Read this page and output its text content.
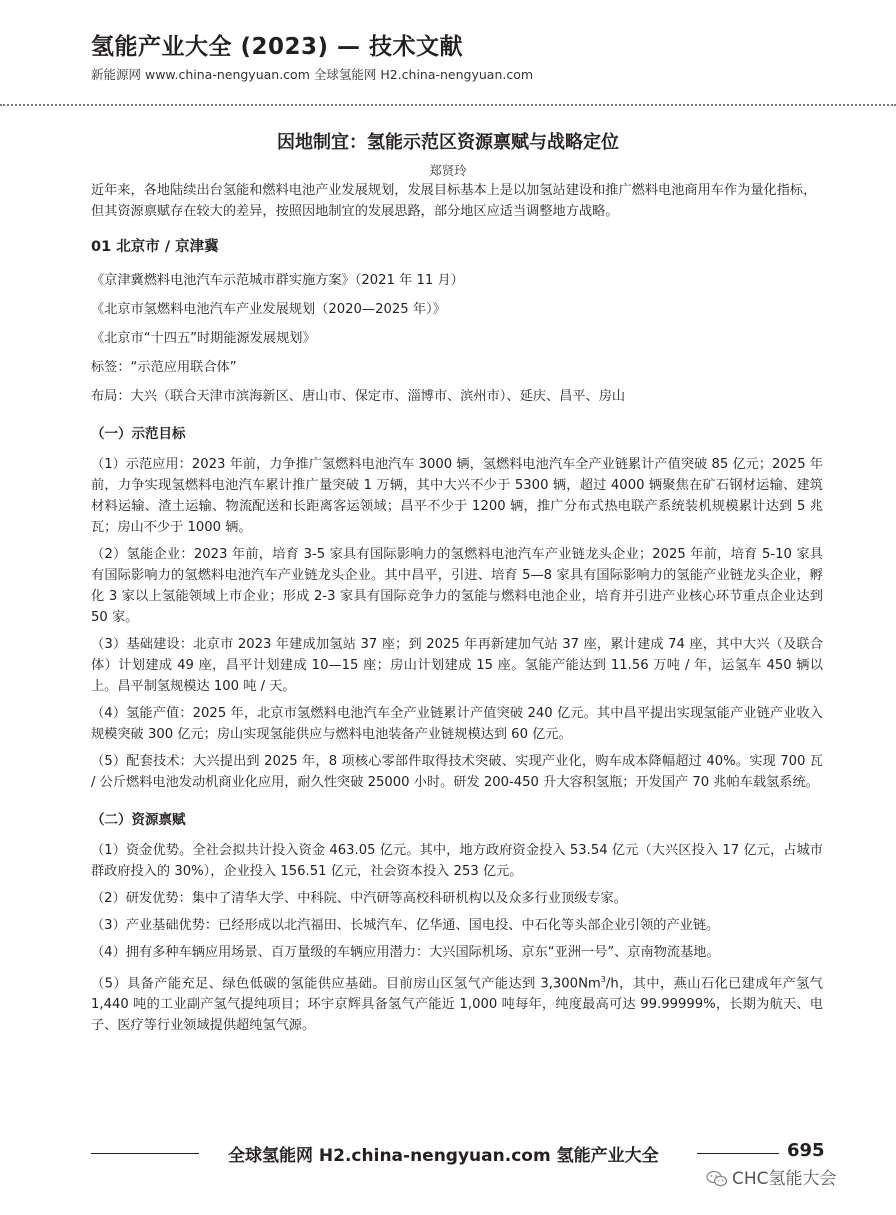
氢能产业大全 (2023) — 技术文献
新能源网 www.china-nengyuan.com 全球氢能网 H2.china-nengyuan.com
因地制宜：氢能示范区资源禀赋与战略定位
郑贤玲

近年来，各地陆续出台氢能和燃料电池产业发展规划，发展目标基本上是以加氢站建设和推广燃料电池商用车作为量化指标，但其资源禀赋存在较大的差异，按照因地制宜的发展思路，部分地区应适当调整地方战略。

01 北京市 / 京津冀

《京津冀燃料电池汽车示范城市群实施方案》（2021 年 11 月）

《北京市氢燃料电池汽车产业发展规划（2020—2025 年）》

《北京市“十四五”时期能源发展规划》

标签：“示范应用联合体”

布局：大兴（联合天津市滨海新区、唐山市、保定市、淄博市、滨州市）、延庆、昌平、房山

（一）示范目标

（1）示范应用：2023 年前，力争推广氢燃料电池汽车 3000 辆，氢燃料电池汽车全产业链累计产值突破 85 亿元；2025 年前，力争实现氢燃料电池汽车累计推广量突破 1 万辆，其中大兴不少于 5300 辆，超过 4000 辆聚焦在矿石钢材运输、建筑材料运输、渣土运输、物流配送和长距离客运领域；昌平不少于 1200 辆，推广分布式热电联产系统装机规模累计达到 5 兆瓦；房山不少于 1000 辆。

（2）氢能企业：2023 年前，培育 3-5 家具有国际影响力的氢燃料电池汽车产业链龙头企业；2025 年前，培育 5-10 家具有国际影响力的氢燃料电池汽车产业链龙头企业。其中昌平，引进、培育 5—8 家具有国际影响力的氢能产业链龙头企业，孵化 3 家以上氢能领域上市企业；形成 2-3 家具有国际竞争力的氢能与燃料电池企业，培育并引进产业核心环节重点企业达到 50 家。

（3）基础建设：北京市 2023 年建成加氢站 37 座；到 2025 年再新建加气站 37 座，累计建成 74 座，其中大兴（及联合体）计划建成 49 座，昌平计划建成 10—15 座；房山计划建成 15 座。氢能产能达到 11.56 万吨 / 年，运氢车 450 辆以上。昌平制氢规模达 100 吨 / 天。

（4）氢能产值：2025 年，北京市氢燃料电池汽车全产业链累计产值突破 240 亿元。其中昌平提出实现氢能产业链产业收入规模突破 300 亿元；房山实现氢能供应与燃料电池装备产业链规模达到 60 亿元。

（5）配套技术：大兴提出到 2025 年，8 项核心零部件取得技术突破、实现产业化，购车成本降幅超过 40%。实现 700 瓦 / 公斤燃料电池发动机商业化应用，耐久性突破 25000 小时。研发 200-450 升大容积氢瓶；开发国产 70 兆帕车载氢系统。

（二）资源禀赋

（1）资金优势。全社会拟共计投入资金 463.05 亿元。其中，地方政府资金投入 53.54 亿元（大兴区投入 17 亿元，占城市群政府投入的 30%），企业投入 156.51 亿元，社会资本投入 253 亿元。

（2）研发优势：集中了清华大学、中科院、中汽研等高校科研机构以及众多行业顶级专家。

（3）产业基础优势：已经形成以北汽福田、长城汽车、亿华通、国电投、中石化等头部企业引领的产业链。

（4）拥有多种车辆应用场景、百万量级的车辆应用潜力：大兴国际机场、京东“亚洲一号”、京南物流基地。

（5）具备产能充足、绿色低碳的氢能供应基础。目前房山区氢气产能达到 3,300Nm$^3$/h，其中，燕山石化已建成年产氢气 1,440 吨的工业副产氢气提纯项目；环宇京辉具备氢气产能近 1,000 吨每年，纯度最高可达 99.99999%，长期为航天、电子、医疗等行业领域提供超纯氢气源。

全球氢能网 H2.china-nengyuan.com 氢能产业大全	695
CHC氢能大会
